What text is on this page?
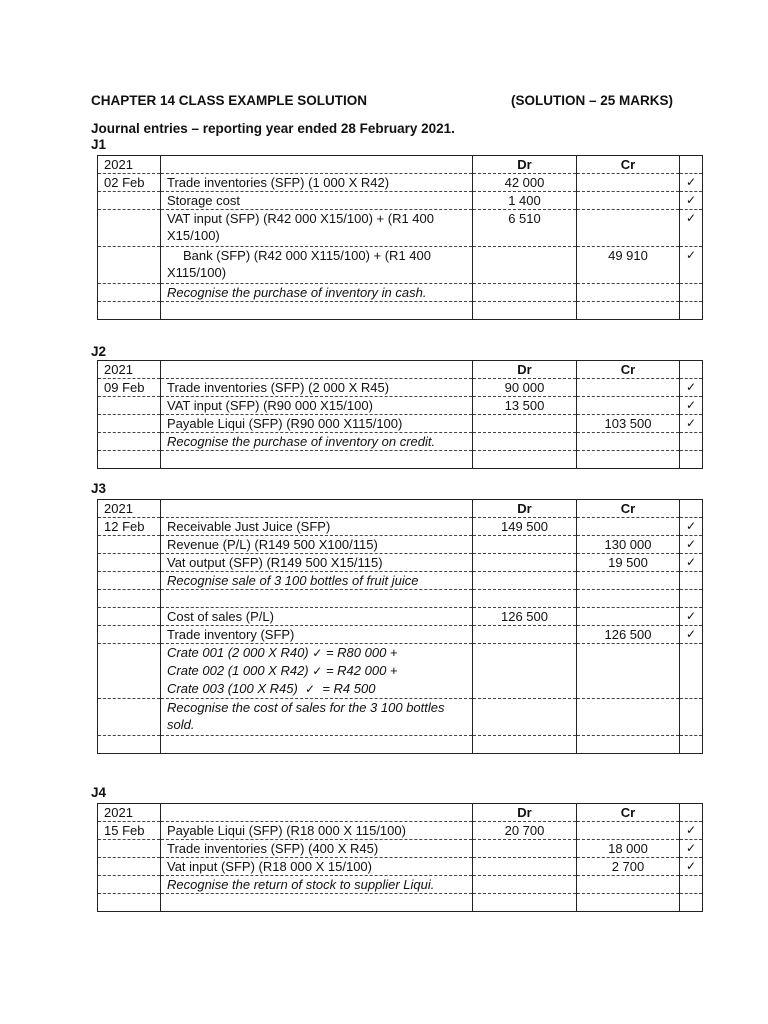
CHAPTER 14 CLASS EXAMPLE SOLUTION	(SOLUTION – 25 MARKS)
Journal entries – reporting year ended 28 February 2021.
J1
2021		Dr	Cr	
02 Feb	Trade inventories (SFP) (1 000 X R42)	42 000		✓
	Storage cost	1 400		✓
	VAT input (SFP) (R42 000 X15/100) + (R1 400
X15/100)	6 510		✓
	Bank (SFP) (R42 000 X115/100) + (R1 400
X115/100)		49 910	✓
	Recognise the purchase of inventory in cash.			

J2
2021		Dr	Cr	
09 Feb	Trade inventories (SFP) (2 000 X R45)	90 000		✓
	VAT input (SFP) (R90 000 X15/100)	13 500		✓
	Payable Liqui (SFP) (R90 000 X115/100)		103 500	✓
	Recognise the purchase of inventory on credit.			

J3
2021		Dr	Cr	
12 Feb	Receivable Just Juice (SFP)	149 500		✓
	Revenue (P/L) (R149 500 X100/115)		130 000	✓
	Vat output (SFP) (R149 500 X15/115)		19 500	✓
	Recognise sale of 3 100 bottles of fruit juice			

	Cost of sales (P/L)	126 500		✓
	Trade inventory (SFP)		126 500	✓
	Crate 001 (2 000 X R40) ✓ = R80 000 +
Crate 002 (1 000 X R42) ✓ = R42 000 +
Crate 003 (100 X R45) ✓ = R4 500			
	Recognise the cost of sales for the 3 100 bottles
sold.			

J4
2021		Dr	Cr	
15 Feb	Payable Liqui (SFP) (R18 000 X 115/100)	20 700		✓
	Trade inventories (SFP) (400 X R45)		18 000	✓
	Vat input (SFP) (R18 000 X 15/100)		2 700	✓
	Recognise the return of stock to supplier Liqui.			
